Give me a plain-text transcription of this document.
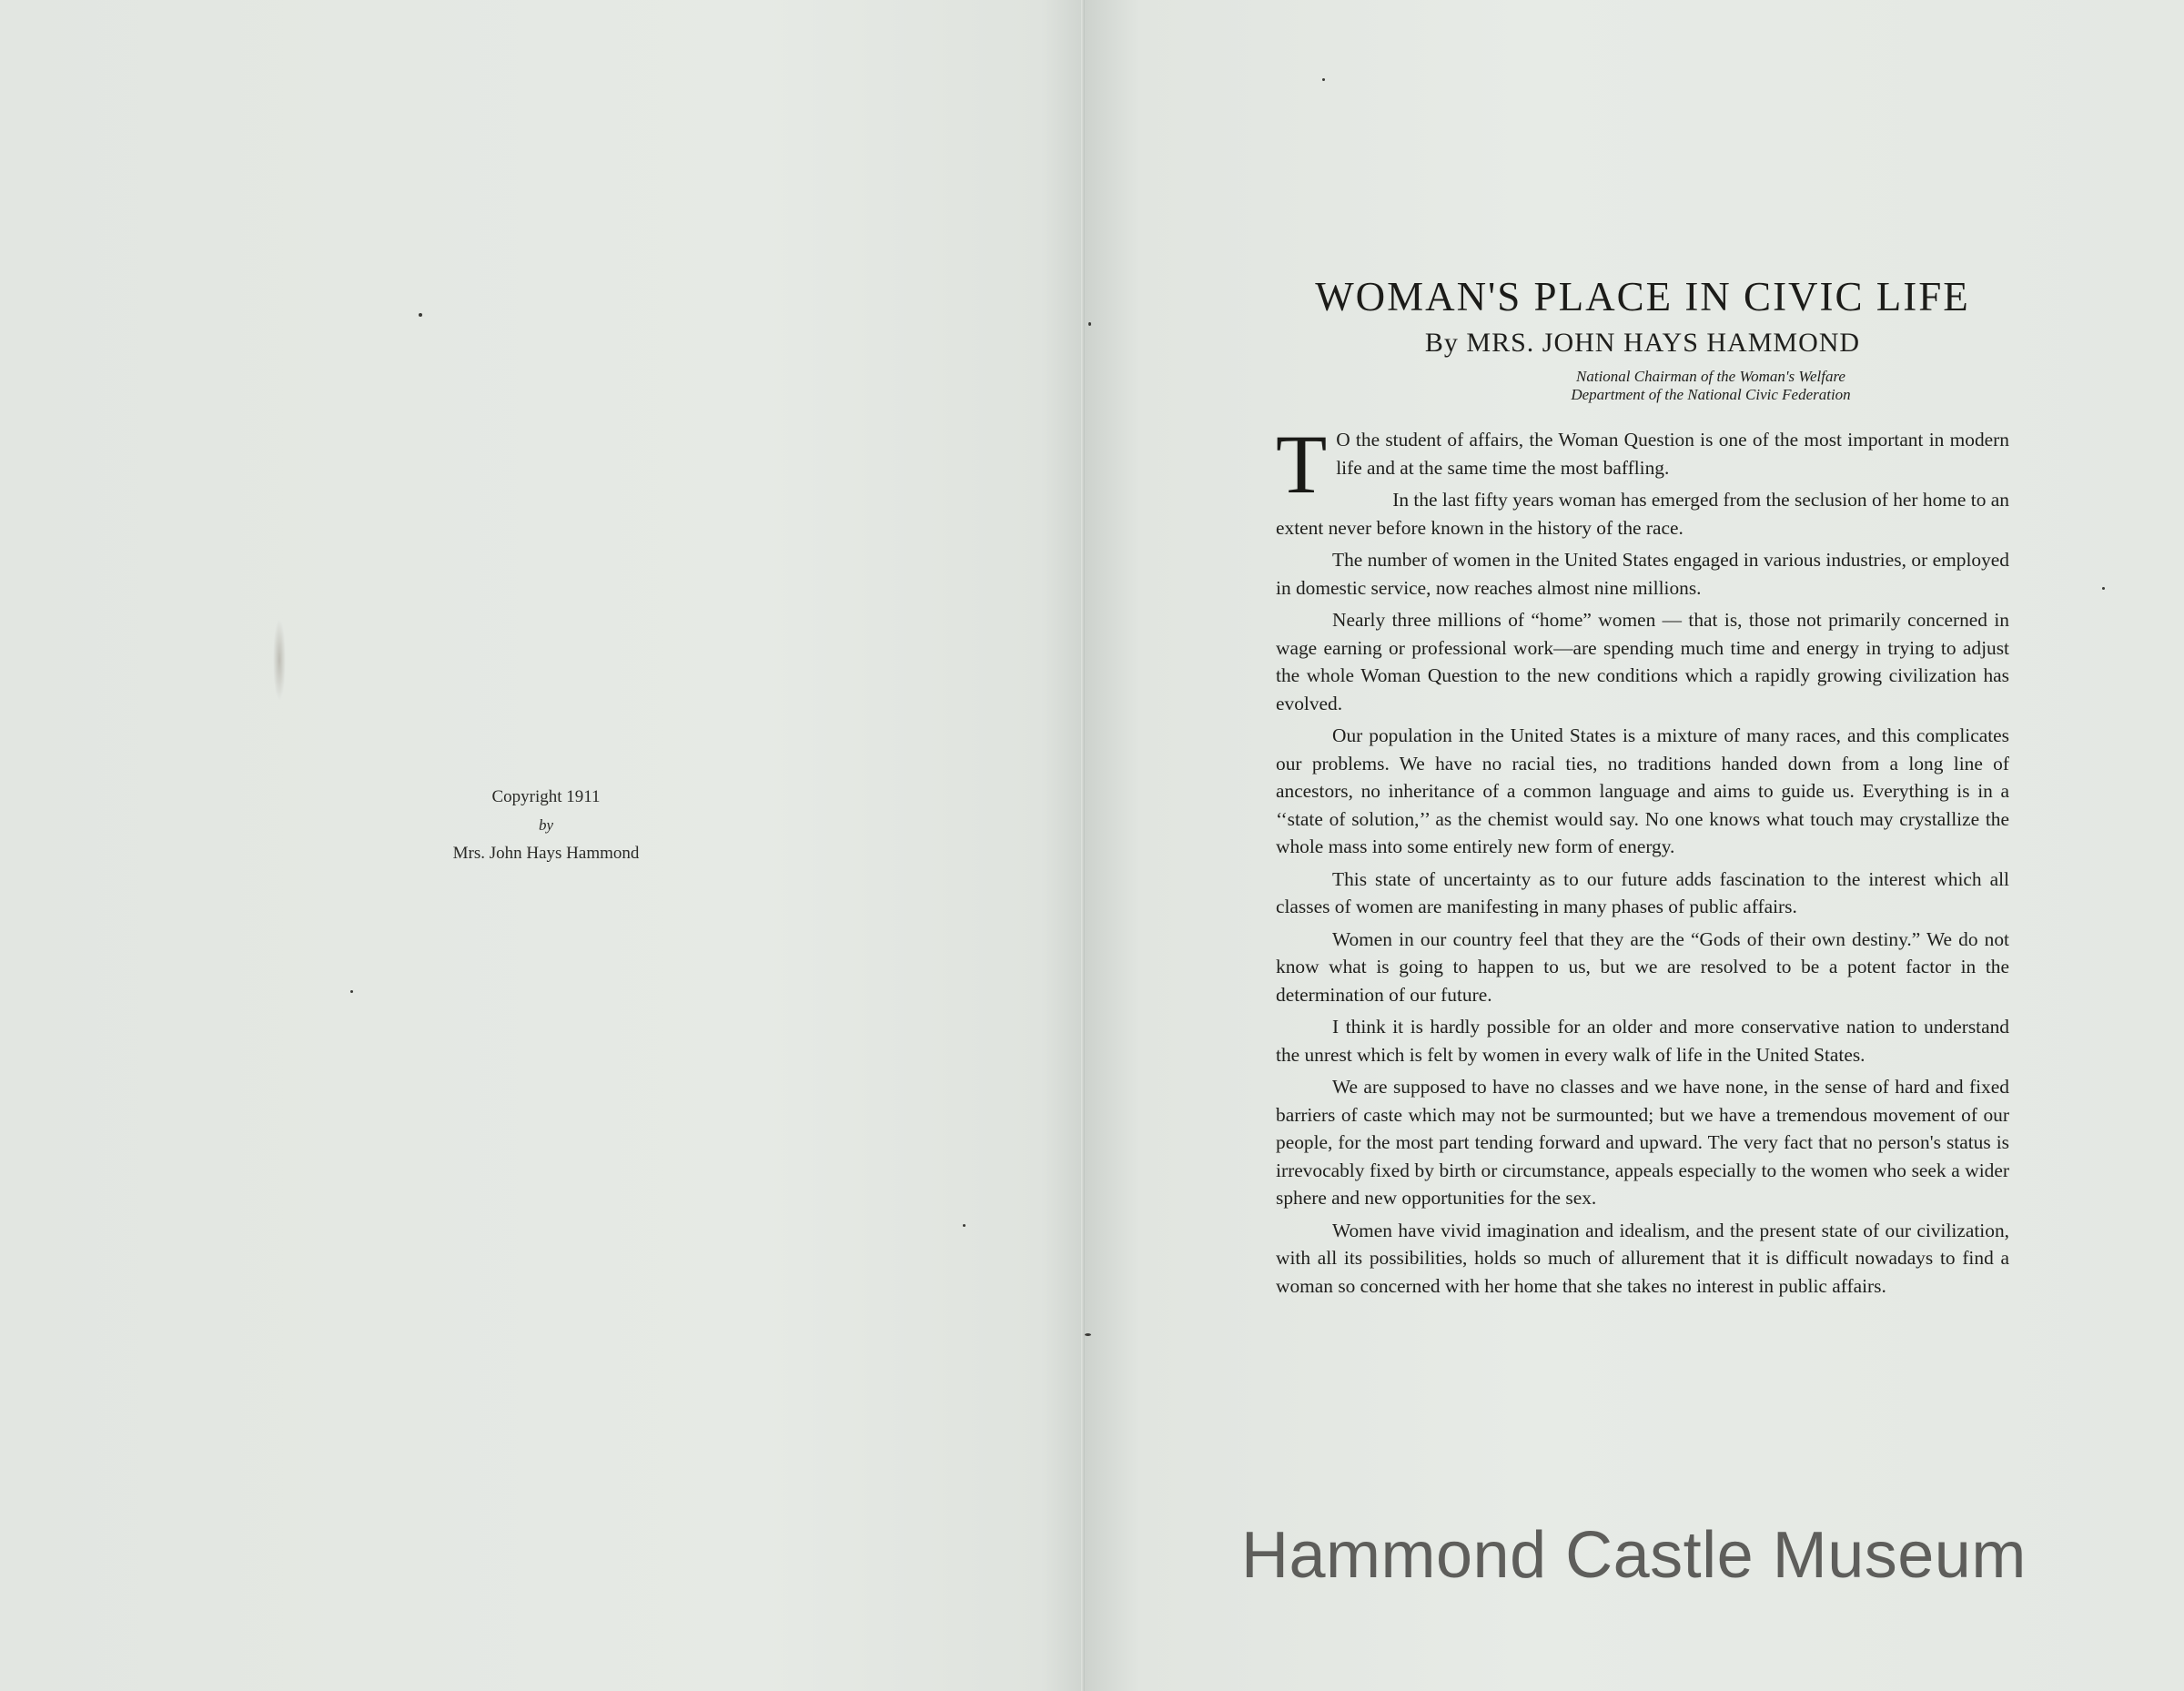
Copyright 1911
by
Mrs. John Hays Hammond
WOMAN'S PLACE IN CIVIC LIFE
By MRS. JOHN HAYS HAMMOND
National Chairman of the Woman's Welfare
Department of the National Civic Federation

T O the student of affairs, the Woman Question is one of the most important in modern life and at the same time the most baffling.

In the last fifty years woman has emerged from the seclusion of her home to an extent never before known in the history of the race.

The number of women in the United States engaged in various industries, or employed in domestic service, now reaches almost nine millions.

Nearly three millions of “home” women — that is, those not primarily concerned in wage earning or professional work—are spending much time and energy in trying to adjust the whole Woman Question to the new conditions which a rapidly growing civilization has evolved.

Our population in the United States is a mixture of many races, and this complicates our problems. We have no racial ties, no traditions handed down from a long line of ancestors, no inheritance of a common language and aims to guide us. Everything is in a ‘‘state of solution,’’ as the chemist would say. No one knows what touch may crystallize the whole mass into some entirely new form of energy.

This state of uncertainty as to our future adds fascination to the interest which all classes of women are manifesting in many phases of public affairs.

Women in our country feel that they are the “Gods of their own destiny.” We do not know what is going to happen to us, but we are resolved to be a potent factor in the determination of our future.

I think it is hardly possible for an older and more conservative nation to understand the unrest which is felt by women in every walk of life in the United States.

We are supposed to have no classes and we have none, in the sense of hard and fixed barriers of caste which may not be surmounted; but we have a tremendous movement of our people, for the most part tending forward and upward. The very fact that no person's status is irrevocably fixed by birth or circumstance, appeals especially to the women who seek a wider sphere and new opportunities for the sex.

Women have vivid imagination and idealism, and the present state of our civilization, with all its possibilities, holds so much of allurement that it is difficult nowadays to find a woman so concerned with her home that she takes no interest in public affairs.

Hammond Castle Museum
